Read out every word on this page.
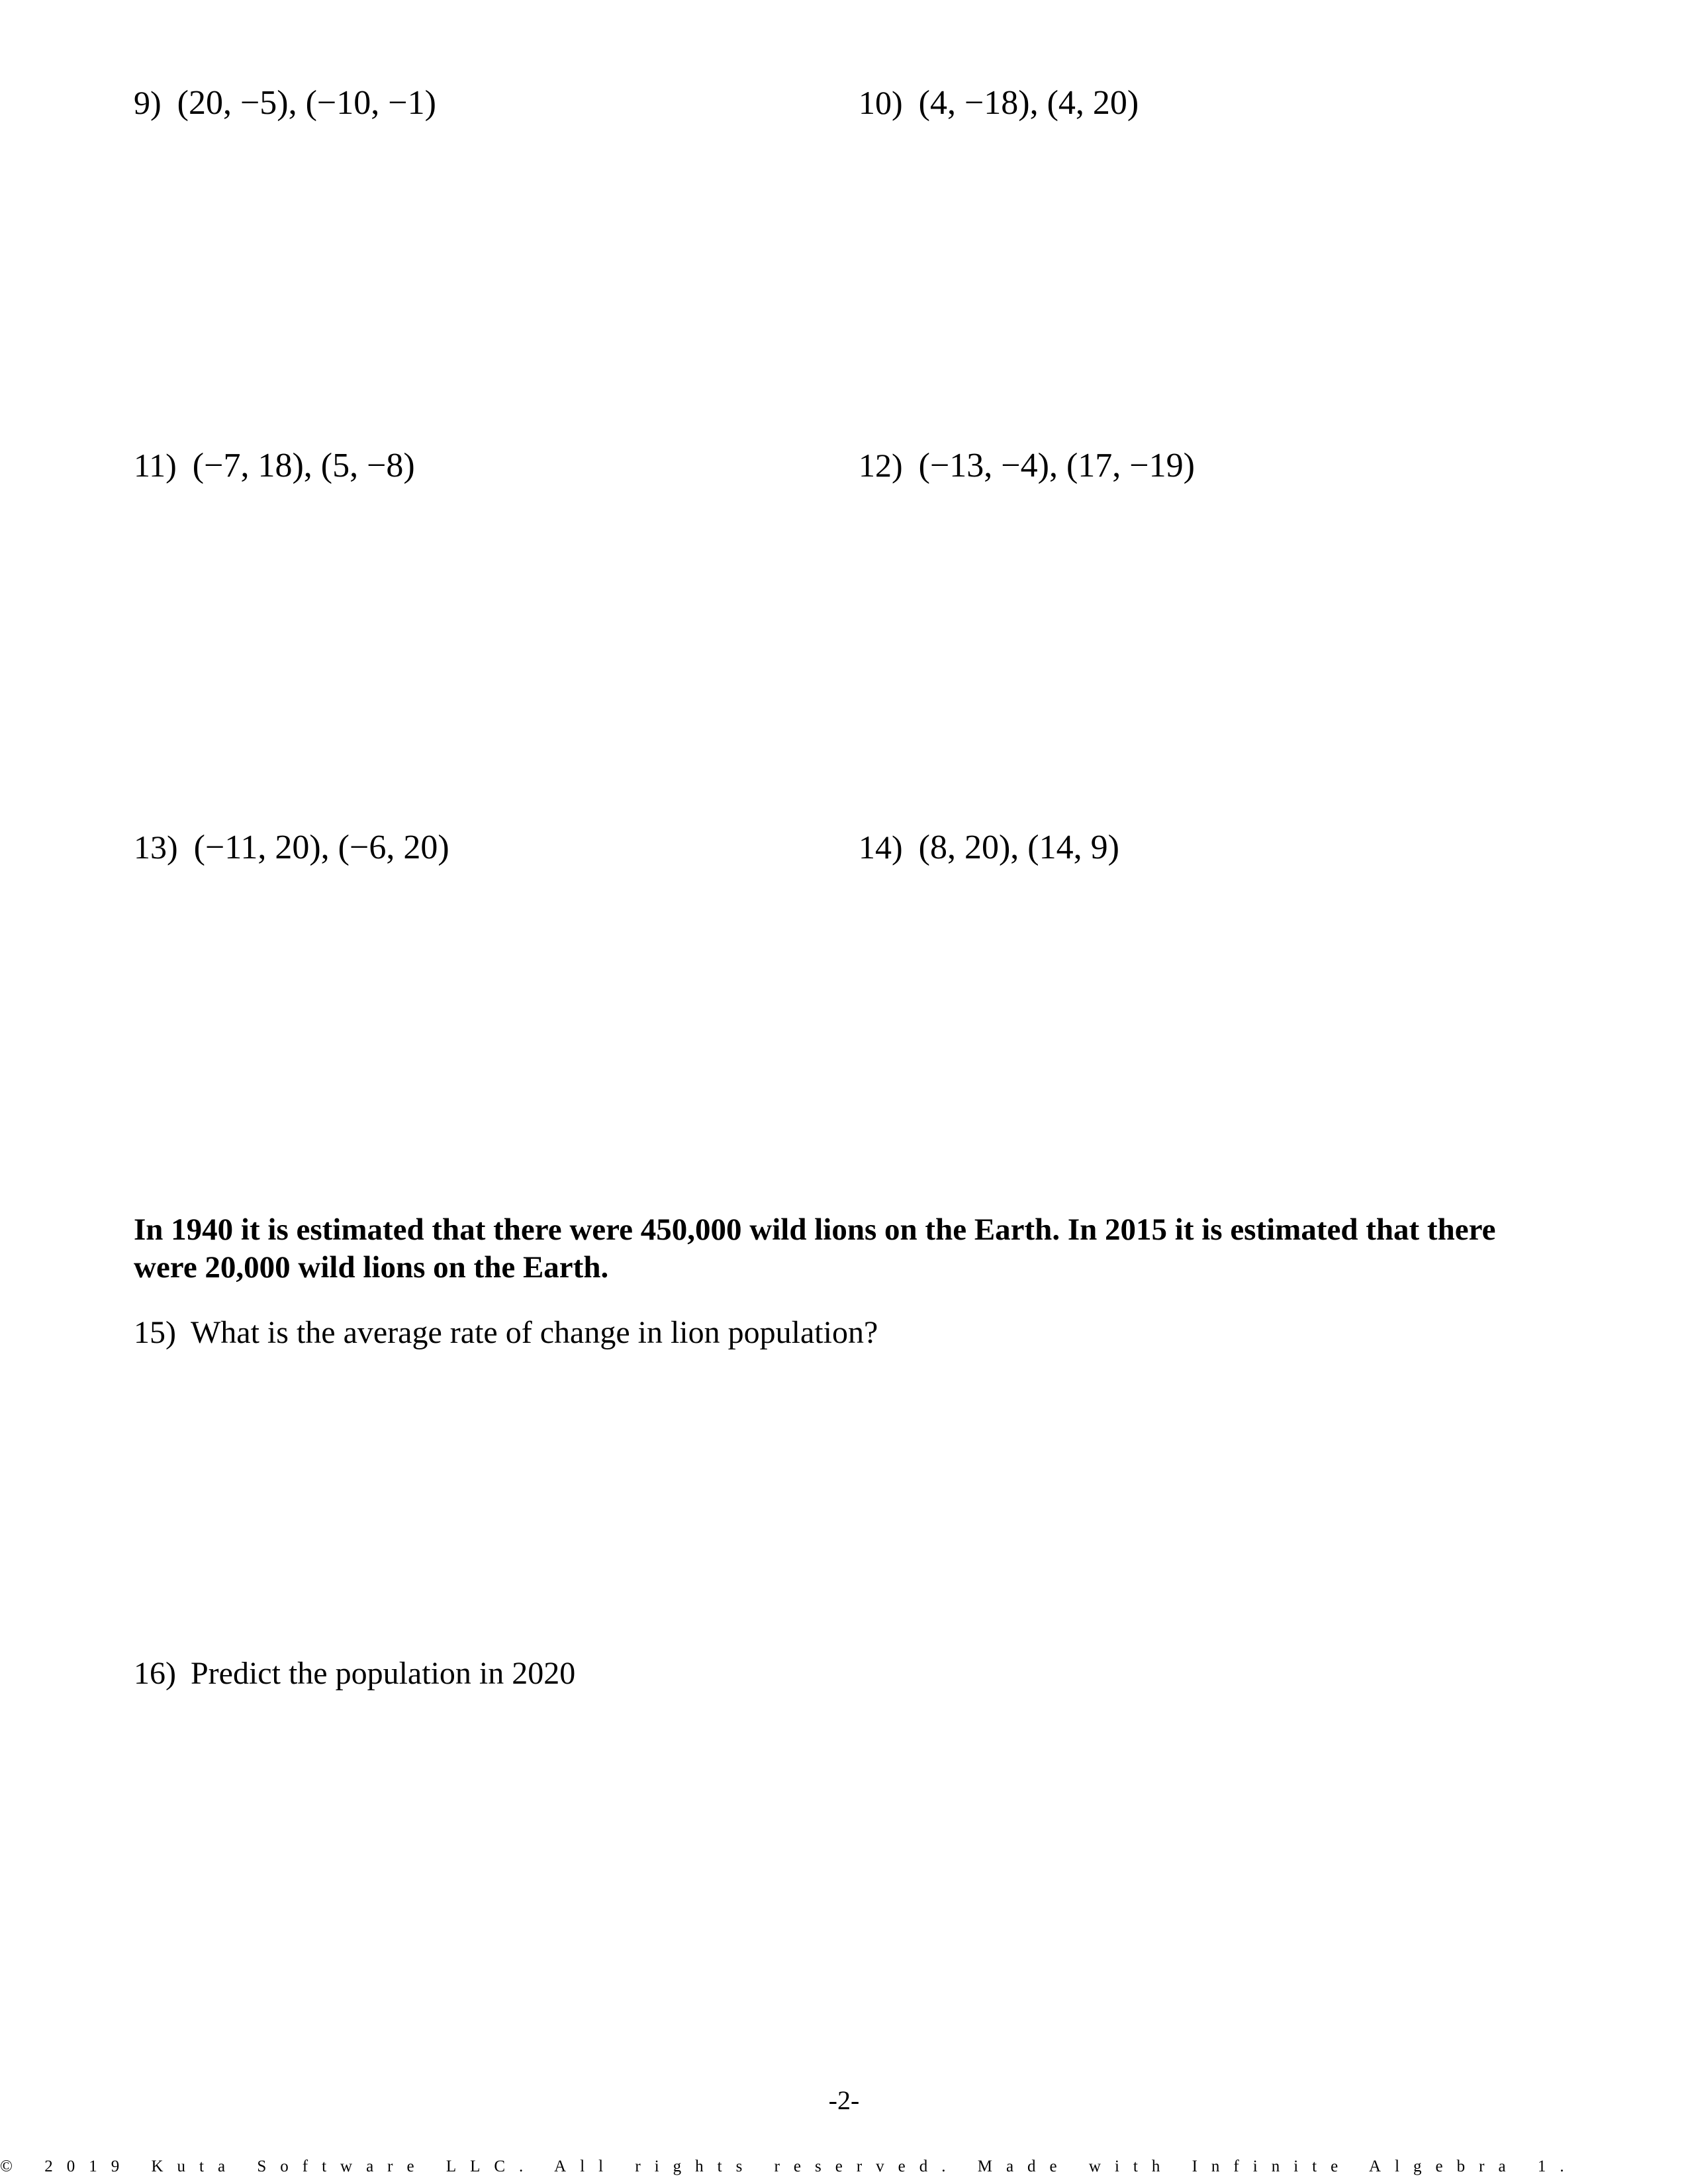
9) (20, −5), (−10, −1)	10) (4, −18), (4, 20)
11) (−7, 18), (5, −8)	12) (−13, −4), (17, −19)
13) (−11, 20), (−6, 20)	14) (8, 20), (14, 9)
In 1940 it is estimated that there were 450,000 wild lions on the Earth. In 2015 it is estimated that there were 20,000 wild lions on the Earth.
15) What is the average rate of change in lion population?
16) Predict the population in 2020
-2-
© 2019 Kuta Software LLC. All rights reserved. Made with Infinite Algebra 1.
